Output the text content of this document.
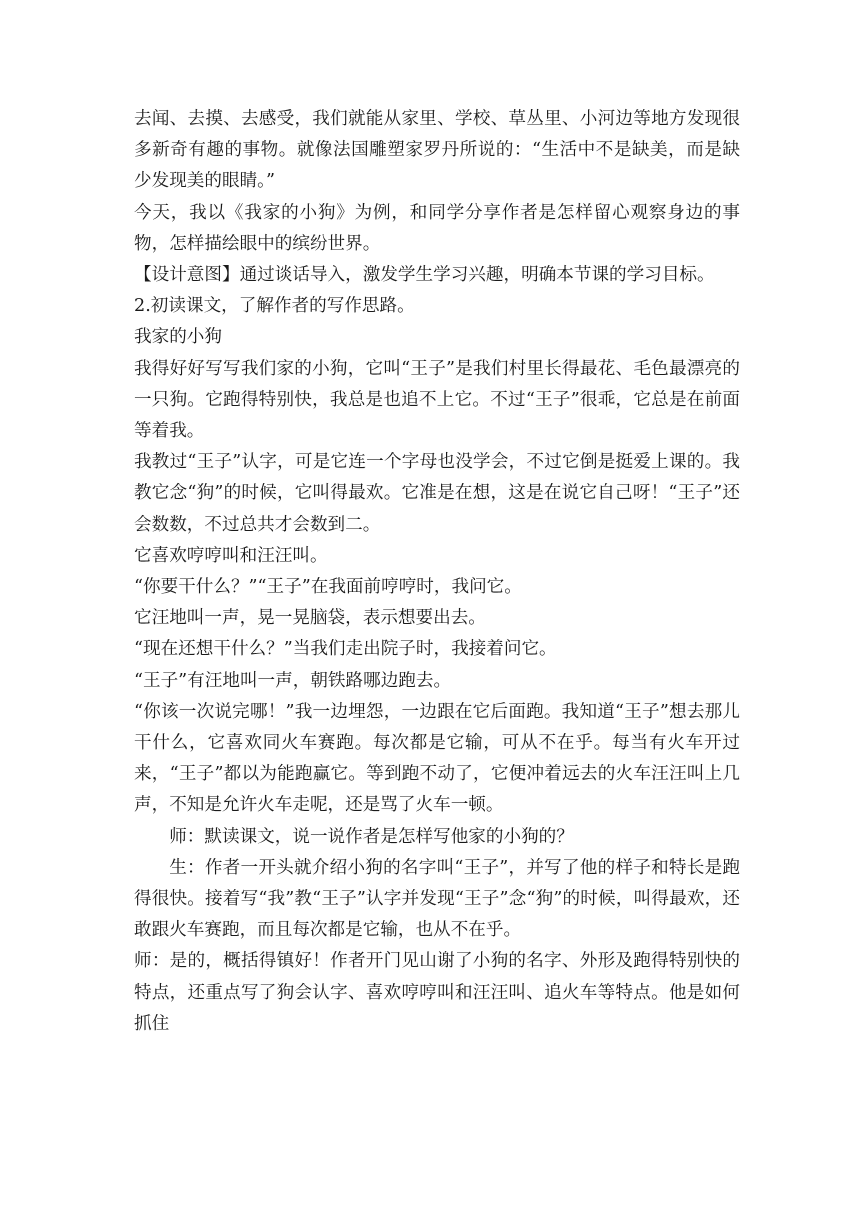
去闻、去摸、去感受，我们就能从家里、学校、草丛里、小河边等地方发现很多新奇有趣的事物。就像法国雕塑家罗丹所说的：“生活中不是缺美，而是缺少发现美的眼睛。”

今天，我以《我家的小狗》为例，和同学分享作者是怎样留心观察身边的事物，怎样描绘眼中的缤纷世界。

【设计意图】通过谈话导入，激发学生学习兴趣，明确本节课的学习目标。

2.初读课文，了解作者的写作思路。

我家的小狗

我得好好写写我们家的小狗，它叫“王子”是我们村里长得最花、毛色最漂亮的一只狗。它跑得特别快，我总是也追不上它。不过“王子”很乖，它总是在前面等着我。

我教过“王子”认字，可是它连一个字母也没学会，不过它倒是挺爱上课的。我教它念“狗”的时候，它叫得最欢。它准是在想，这是在说它自己呀！“王子”还会数数，不过总共才会数到二。

它喜欢哼哼叫和汪汪叫。

“你要干什么？”“王子”在我面前哼哼时，我问它。

它汪地叫一声，晃一晃脑袋，表示想要出去。

“现在还想干什么？”当我们走出院子时，我接着问它。

“王子”有汪地叫一声，朝铁路哪边跑去。

“你该一次说完哪！”我一边埋怨，一边跟在它后面跑。我知道“王子”想去那儿干什么，它喜欢同火车赛跑。每次都是它输，可从不在乎。每当有火车开过来，“王子”都以为能跑赢它。等到跑不动了，它便冲着远去的火车汪汪叫上几声，不知是允许火车走呢，还是骂了火车一顿。

师：默读课文，说一说作者是怎样写他家的小狗的？

生：作者一开头就介绍小狗的名字叫“王子”，并写了他的样子和特长是跑得很快。接着写“我”教“王子”认字并发现“王子”念“狗”的时候，叫得最欢，还敢跟火车赛跑，而且每次都是它输，也从不在乎。

师：是的，概括得镇好！作者开门见山谢了小狗的名字、外形及跑得特别快的特点，还重点写了狗会认字、喜欢哼哼叫和汪汪叫、追火车等特点。他是如何抓住
